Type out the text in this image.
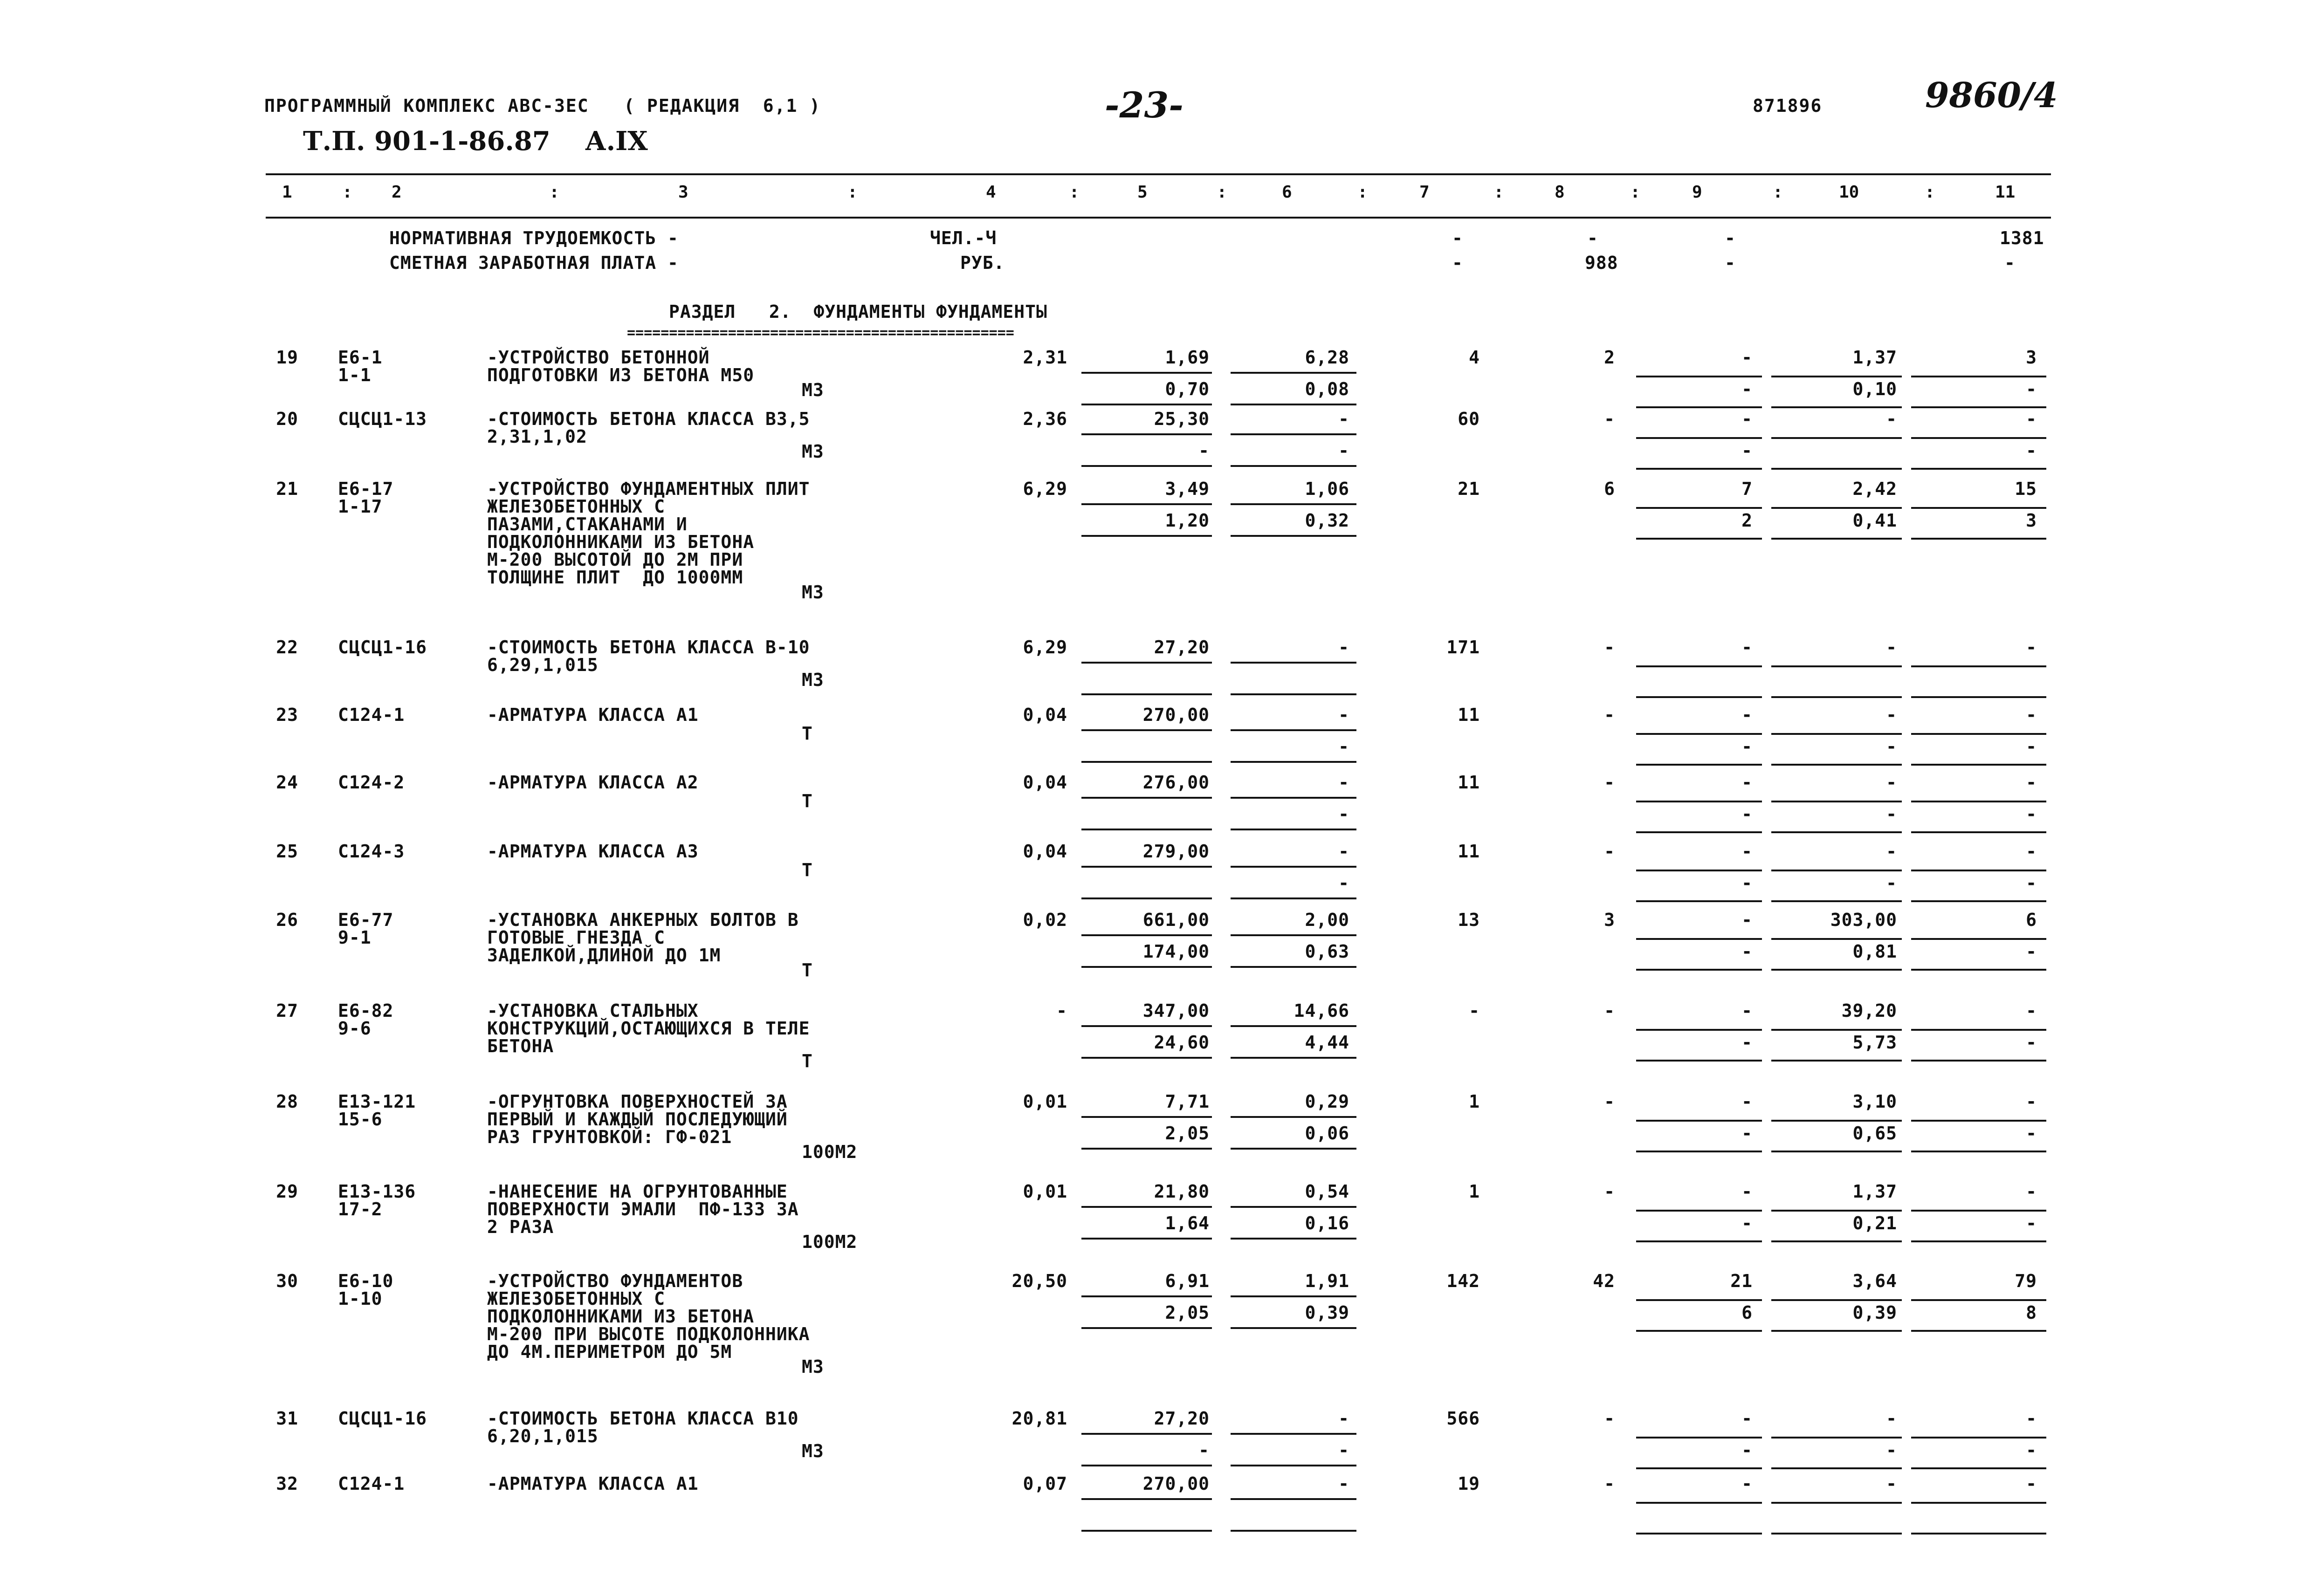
ПРОГРАММНЫЙ КОМПЛЕКС АВС-ЗЕС   ( РЕДАКЦИЯ  6,1 )	-23-	871896	9860/4
Т.П. 901-1-86.87 А.IX
1	: 2	:	3	:	4	:	5	:	6	:	7	:	8	:	9	:	10	:	11
НОРМАТИВНАЯ ТРУДОЕМКОСТЬ -	ЧЕЛ.-Ч	-	-	-	1381
СМЕТНАЯ ЗАРАБОТНАЯ ПЛАТА -	РУБ.	-	988	-	-
РАЗДЕЛ   2.  ФУНДАМЕНТЫ ФУНДАМЕНТЫ
==============================================
19 Е6-1
1-1
-УСТРОЙСТВО БЕТОННОЙ
ПОДГОТОВКИ ИЗ БЕТОНА М50
М3
2,31	1,69	6,28	4	2	-	1,37	3
0,70	0,08	-	0,10	-
20 СЦСЦ1-13	-СТОИМОСТЬ БЕТОНА КЛАССА В3,5
2,31,1,02
М3
2,36	25,30	-	60	-	-	-	-
-	-	-	-
21 Е6-17
1-17
-УСТРОЙСТВО ФУНДАМЕНТНЫХ ПЛИТ
ЖЕЛЕЗОБЕТОННЫХ С
ПАЗАМИ,СТАКАНАМИ И
ПОДКОЛОННИКАМИ ИЗ БЕТОНА
М-200 ВЫСОТОЙ ДО 2М ПРИ
ТОЛЩИНЕ ПЛИТ  ДО 1000ММ
М3
6,29	3,49	1,06	21	6	7	2,42	15
1,20	0,32	2	0,41	3
22 СЦСЦ1-16	-СТОИМОСТЬ БЕТОНА КЛАССА В-10
6,29,1,015
М3
6,29	27,20	-	171	-	-	-	-
23 С124-1	-АРМАТУРА КЛАССА А1
Т
0,04	270,00	-	11	-	-	-	-
-	-	-	-
24 С124-2	-АРМАТУРА КЛАССА А2
Т
0,04	276,00	-	11	-	-	-	-
-	-	-	-
25 С124-3	-АРМАТУРА КЛАССА А3
Т
0,04	279,00	-	11	-	-	-	-
-	-	-	-
26 Е6-77
9-1
-УСТАНОВКА АНКЕРНЫХ БОЛТОВ В
ГОТОВЫЕ ГНЕЗДА С
ЗАДЕЛКОЙ,ДЛИНОЙ ДО 1М
Т
0,02	661,00	2,00	13	3	-	303,00	6
174,00	0,63	-	0,81	-
27 Е6-82
9-6
-УСТАНОВКА СТАЛЬНЫХ
КОНСТРУКЦИЙ,ОСТАЮЩИХСЯ В ТЕЛЕ
БЕТОНА
Т
-	347,00	14,66	-	-	-	39,20	-
24,60	4,44	-	5,73	-
28 Е13-121
15-6
-ОГРУНТОВКА ПОВЕРХНОСТЕЙ ЗА
ПЕРВЫЙ И КАЖДЫЙ ПОСЛЕДУЮЩИЙ
РАЗ ГРУНТОВКОЙ: ГФ-021
100М2
0,01	7,71	0,29	1	-	-	3,10	-
2,05	0,06	-	0,65	-
29 Е13-136
17-2
-НАНЕСЕНИЕ НА ОГРУНТОВАННЫЕ
ПОВЕРХНОСТИ ЭМАЛИ  ПФ-133 ЗА
2 РАЗА
100М2
0,01	21,80	0,54	1	-	-	1,37	-
1,64	0,16	-	0,21	-
30 Е6-10
1-10
-УСТРОЙСТВО ФУНДАМЕНТОВ
ЖЕЛЕЗОБЕТОННЫХ С
ПОДКОЛОННИКАМИ ИЗ БЕТОНА
М-200 ПРИ ВЫСОТЕ ПОДКОЛОННИКА
ДО 4М.ПЕРИМЕТРОМ ДО 5М
М3
20,50	6,91	1,91	142	42	21	3,64	79
2,05	0,39	6	0,39	8
31 СЦСЦ1-16	-СТОИМОСТЬ БЕТОНА КЛАССА В10
6,20,1,015
М3
20,81	27,20	-	566	-	-	-	-
-	-	-	-	-
32 С124-1	-АРМАТУРА КЛАССА А1	0,07	270,00	-	19	-	-	-	-
